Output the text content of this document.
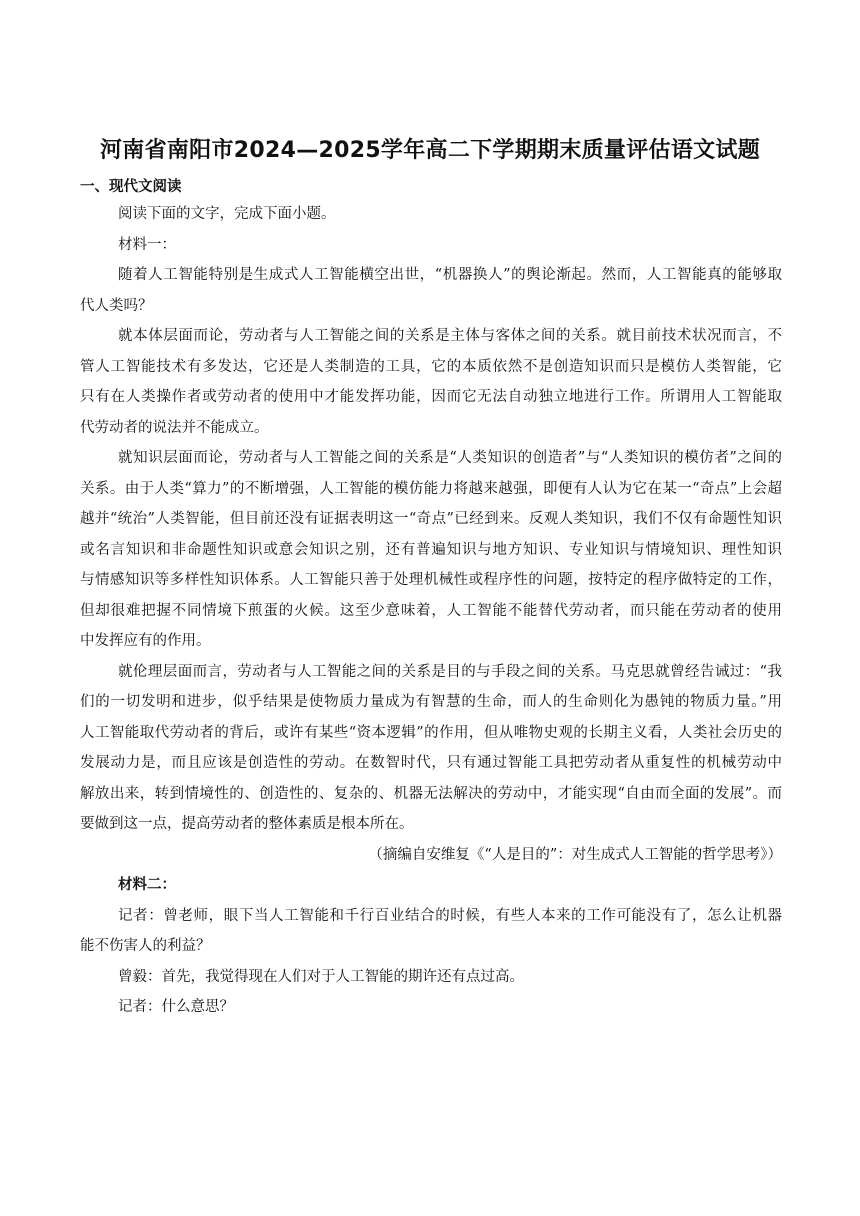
河南省南阳市2024—2025学年高二下学期期末质量评估语文试题
一、现代文阅读
阅读下面的文字，完成下面小题。
材料一：
随着人工智能特别是生成式人工智能横空出世，“机器换人”的舆论渐起。然而，人工智能真的能够取
代人类吗？
就本体层面而论，劳动者与人工智能之间的关系是主体与客体之间的关系。就目前技术状况而言，不
管人工智能技术有多发达，它还是人类制造的工具，它的本质依然不是创造知识而只是模仿人类智能，它
只有在人类操作者或劳动者的使用中才能发挥功能，因而它无法自动独立地进行工作。所谓用人工智能取
代劳动者的说法并不能成立。
就知识层面而论，劳动者与人工智能之间的关系是“人类知识的创造者”与“人类知识的模仿者”之间的
关系。由于人类“算力”的不断增强，人工智能的模仿能力将越来越强，即便有人认为它在某一“奇点”上会超
越并“统治”人类智能，但目前还没有证据表明这一“奇点”已经到来。反观人类知识，我们不仅有命题性知识
或名言知识和非命题性知识或意会知识之别，还有普遍知识与地方知识、专业知识与情境知识、理性知识
与情感知识等多样性知识体系。人工智能只善于处理机械性或程序性的问题，按特定的程序做特定的工作，
但却很难把握不同情境下煎蛋的火候。这至少意味着，人工智能不能替代劳动者，而只能在劳动者的使用
中发挥应有的作用。
就伦理层面而言，劳动者与人工智能之间的关系是目的与手段之间的关系。马克思就曾经告诫过：“我
们的一切发明和进步，似乎结果是使物质力量成为有智慧的生命，而人的生命则化为愚钝的物质力量。”用
人工智能取代劳动者的背后，或许有某些“资本逻辑”的作用，但从唯物史观的长期主义看，人类社会历史的
发展动力是，而且应该是创造性的劳动。在数智时代，只有通过智能工具把劳动者从重复性的机械劳动中
解放出来，转到情境性的、创造性的、复杂的、机器无法解决的劳动中，才能实现“自由而全面的发展”。而
要做到这一点，提高劳动者的整体素质是根本所在。
（摘编自安维复《“人是目的”：对生成式人工智能的哲学思考》）
材料二：
记者：曾老师，眼下当人工智能和千行百业结合的时候，有些人本来的工作可能没有了，怎么让机器
能不伤害人的利益？
曾毅：首先，我觉得现在人们对于人工智能的期许还有点过高。
记者：什么意思？
